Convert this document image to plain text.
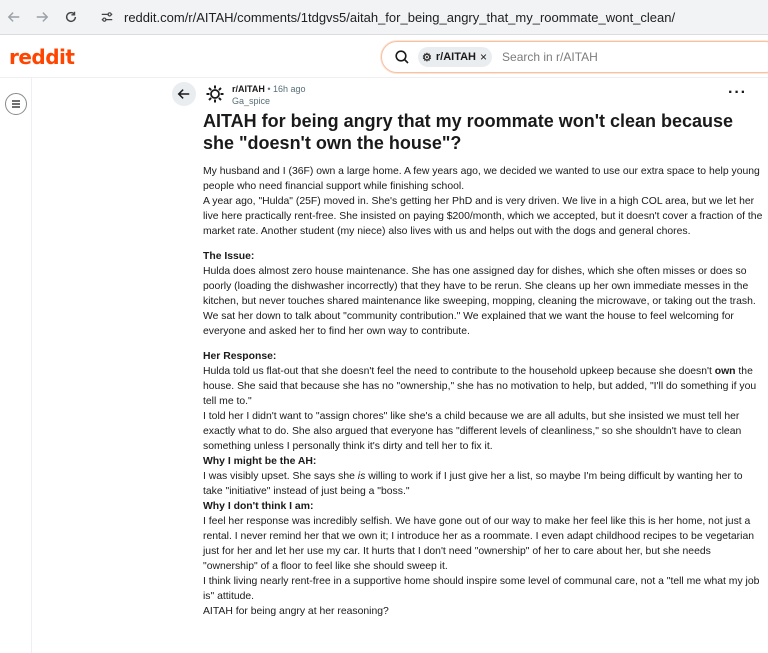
reddit.com/r/AITAH/comments/1tdgvs5/aitah_for_being_angry_that_my_roommate_wont_clean/
reddit	⚙ r/AITAH × Search in r/AITAH
r/AITAH • 16h ago
Ga_spice	···
AITAH for being angry that my roommate won't clean because she "doesn't own the house"?

My husband and I (36F) own a large home. A few years ago, we decided we wanted to use our extra space to help young people who need financial support while finishing school.

A year ago, "Hulda" (25F) moved in. She's getting her PhD and is very driven. We live in a high COL area, but we let her live here practically rent-free. She insisted on paying $200/month, which we accepted, but it doesn't cover a fraction of the market rate. Another student (my niece) also lives with us and helps out with the dogs and general chores.

The Issue:

Hulda does almost zero house maintenance. She has one assigned day for dishes, which she often misses or does so poorly (loading the dishwasher incorrectly) that they have to be rerun. She cleans up her own immediate messes in the kitchen, but never touches shared maintenance like sweeping, mopping, cleaning the microwave, or taking out the trash.

We sat her down to talk about "community contribution." We explained that we want the house to feel welcoming for everyone and asked her to find her own way to contribute.

Her Response:

Hulda told us flat-out that she doesn't feel the need to contribute to the household upkeep because she doesn't own the house. She said that because she has no "ownership," she has no motivation to help, but added, "I'll do something if you tell me to."

I told her I didn't want to "assign chores" like she's a child because we are all adults, but she insisted we must tell her exactly what to do. She also argued that everyone has "different levels of cleanliness," so she shouldn't have to clean something unless I personally think it's dirty and tell her to fix it.

Why I might be the AH:

I was visibly upset. She says she is willing to work if I just give her a list, so maybe I'm being difficult by wanting her to take "initiative" instead of just being a "boss."

Why I don't think I am:

I feel her response was incredibly selfish. We have gone out of our way to make her feel like this is her home, not just a rental. I never remind her that we own it; I introduce her as a roommate. I even adapt childhood recipes to be vegetarian just for her and let her use my car. It hurts that I don't need "ownership" of her to care about her, but she needs "ownership" of a floor to feel like she should sweep it.

I think living nearly rent-free in a supportive home should inspire some level of communal care, not a "tell me what my job is" attitude.

AITAH for being angry at her reasoning?
